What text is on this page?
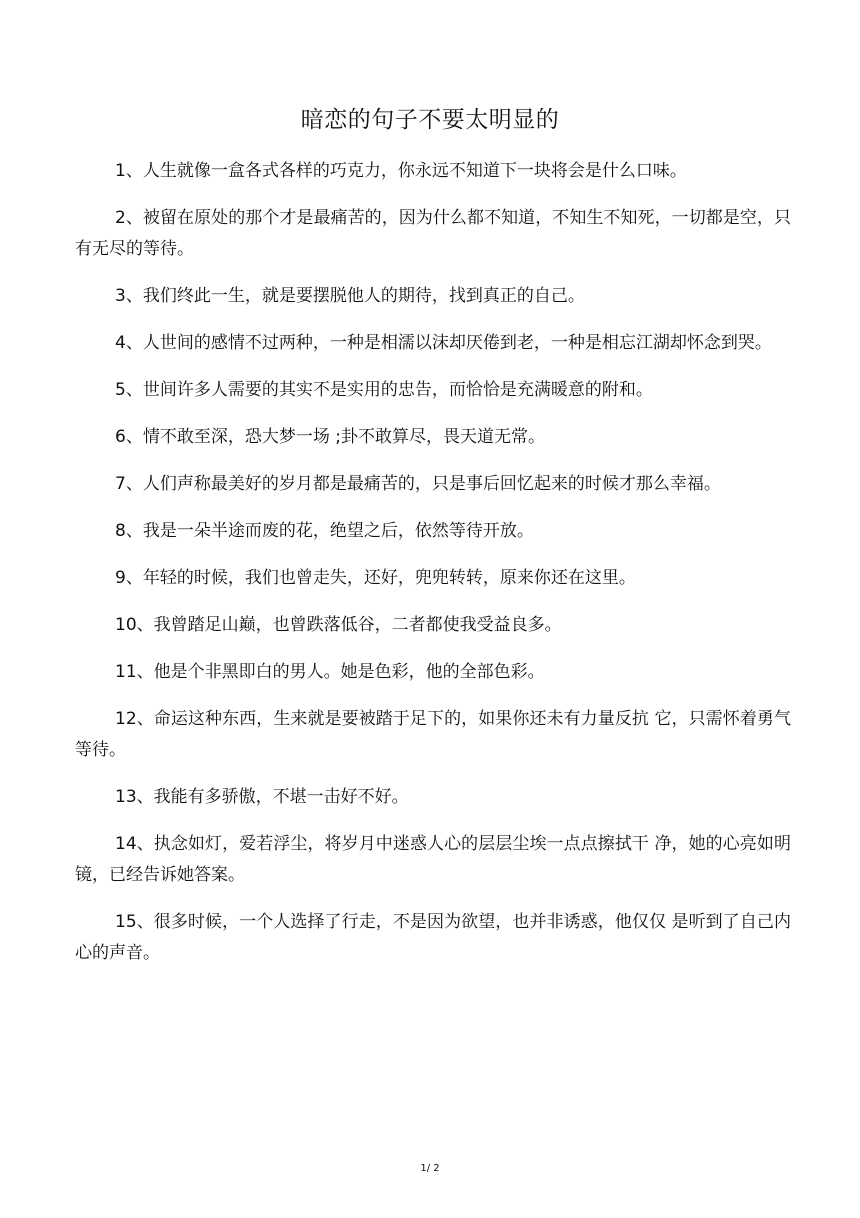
暗恋的句子不要太明显的

1、人生就像一盒各式各样的巧克力，你永远不知道下一块将会是什么口味。

2、被留在原处的那个才是最痛苦的，因为什么都不知道，不知生不知死，一切都是空，只有无尽的等待。

3、我们终此一生，就是要摆脱他人的期待，找到真正的自己。

4、人世间的感情不过两种，一种是相濡以沫却厌倦到老，一种是相忘江湖却怀念到哭。

5、世间许多人需要的其实不是实用的忠告，而恰恰是充满暖意的附和。

6、情不敢至深，恐大梦一场 ;卦不敢算尽，畏天道无常。

7、人们声称最美好的岁月都是最痛苦的，只是事后回忆起来的时候才那么幸福。

8、我是一朵半途而废的花，绝望之后，依然等待开放。

9、年轻的时候，我们也曾走失，还好，兜兜转转，原来你还在这里。

10、我曾踏足山巅，也曾跌落低谷，二者都使我受益良多。

11、他是个非黑即白的男人。她是色彩，他的全部色彩。

12、命运这种东西，生来就是要被踏于足下的，如果你还未有力量反抗 它，只需怀着勇气等待。

13、我能有多骄傲，不堪一击好不好。

14、执念如灯，爱若浮尘，将岁月中迷惑人心的层层尘埃一点点擦拭干 净，她的心亮如明镜，已经告诉她答案。

15、很多时候，一个人选择了行走，不是因为欲望，也并非诱惑，他仅仅 是听到了自己内心的声音。

1/ 2
